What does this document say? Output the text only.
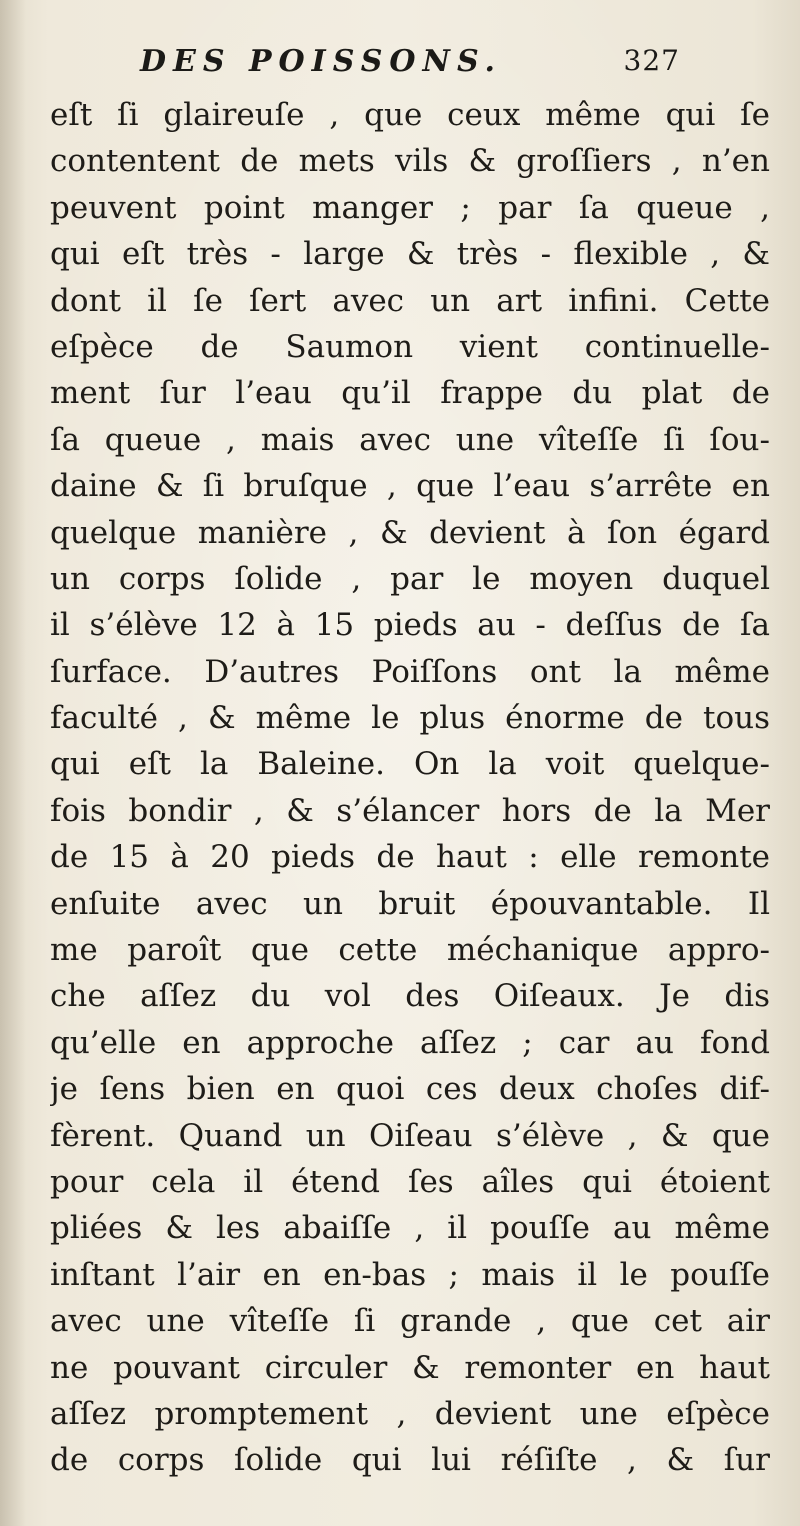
DES POISSONS.	327
eſt ſi glaireuſe , que ceux même qui ſe
contentent de mets vils & groſſiers , n’en
peuvent point manger ; par ſa queue ,
qui eſt très - large & très - flexible , &
dont il ſe ſert avec un art infini. Cette
eſpèce de Saumon vient continuelle-
ment ſur l’eau qu’il frappe du plat de
ſa queue , mais avec une vîteſſe ſi ſou-
daine & ſi bruſque , que l’eau s’arrête en
quelque manière , & devient à ſon égard
un corps ſolide , par le moyen duquel
il s’élève 12 à 15 pieds au - deſſus de ſa
ſurface. D’autres Poiſſons ont la même
faculté , & même le plus énorme de tous
qui eſt la Baleine. On la voit quelque-
fois bondir , & s’élancer hors de la Mer
de 15 à 20 pieds de haut : elle remonte
enſuite avec un bruit épouvantable. Il
me paroît que cette méchanique appro-
che aſſez du vol des Oiſeaux. Je dis
qu’elle en approche aſſez ; car au fond
je ſens bien en quoi ces deux choſes dif-
fèrent. Quand un Oiſeau s’élève , & que
pour cela il étend ſes aîles qui étoient
pliées & les abaiſſe , il pouſſe au même
inſtant l’air en en-bas ; mais il le pouſſe
avec une vîteſſe ſi grande , que cet air
ne pouvant circuler & remonter en haut
aſſez promptement , devient une eſpèce
de corps ſolide qui lui réſiſte , & ſur
